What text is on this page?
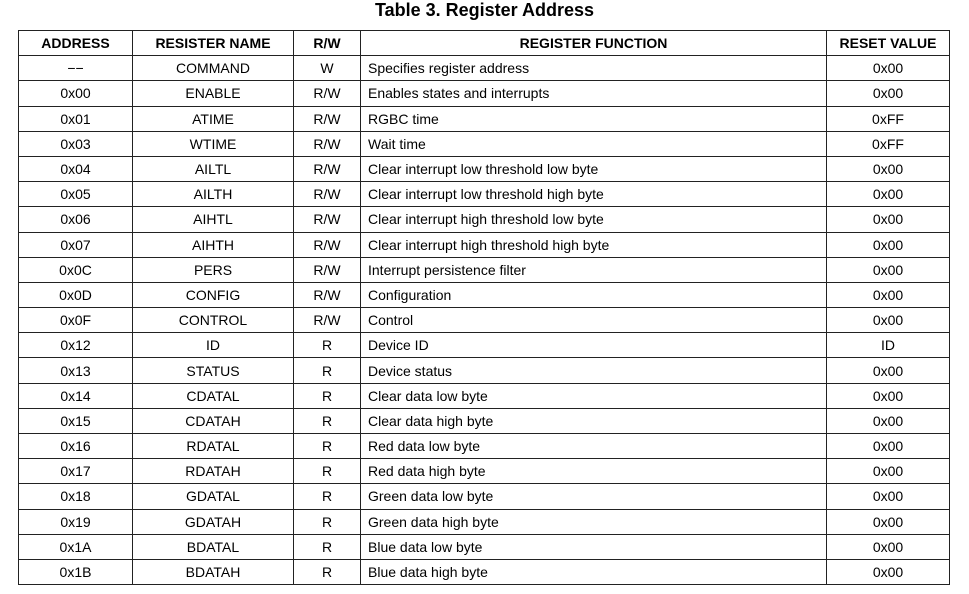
Table 3. Register Address
ADDRESS	RESISTER NAME	R/W	REGISTER FUNCTION	RESET VALUE
−−	COMMAND	W	Specifies register address	0x00
0x00	ENABLE	R/W	Enables states and interrupts	0x00
0x01	ATIME	R/W	RGBC time	0xFF
0x03	WTIME	R/W	Wait time	0xFF
0x04	AILTL	R/W	Clear interrupt low threshold low byte	0x00
0x05	AILTH	R/W	Clear interrupt low threshold high byte	0x00
0x06	AIHTL	R/W	Clear interrupt high threshold low byte	0x00
0x07	AIHTH	R/W	Clear interrupt high threshold high byte	0x00
0x0C	PERS	R/W	Interrupt persistence filter	0x00
0x0D	CONFIG	R/W	Configuration	0x00
0x0F	CONTROL	R/W	Control	0x00
0x12	ID	R	Device ID	ID
0x13	STATUS	R	Device status	0x00
0x14	CDATAL	R	Clear data low byte	0x00
0x15	CDATAH	R	Clear data high byte	0x00
0x16	RDATAL	R	Red data low byte	0x00
0x17	RDATAH	R	Red data high byte	0x00
0x18	GDATAL	R	Green data low byte	0x00
0x19	GDATAH	R	Green data high byte	0x00
0x1A	BDATAL	R	Blue data low byte	0x00
0x1B	BDATAH	R	Blue data high byte	0x00
